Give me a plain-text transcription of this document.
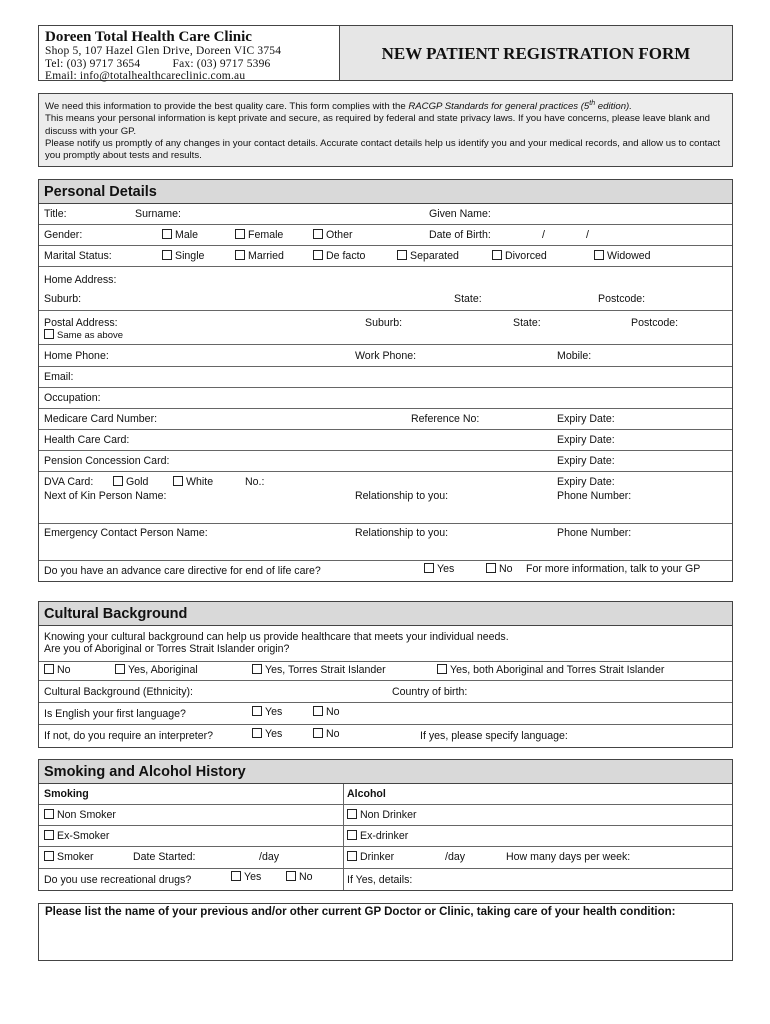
Doreen Total Health Care Clinic
Shop 5, 107 Hazel Glen Drive, Doreen VIC 3754
Tel: (03) 9717 3654	Fax: (03) 9717 5396
Email: info@totalhealthcareclinic.com.au
NEW PATIENT REGISTRATION FORM

We need this information to provide the best quality care. This form complies with the RACGP Standards for general practices (5th edition).

This means your personal information is kept private and secure, as required by federal and state privacy laws. If you have concerns, please leave blank and discuss with your GP.

Please notify us promptly of any changes in your contact details. Accurate contact details help us identify you and your medical records, and allow us to contact you promptly about tests and results.

Personal Details
Title:	Surname:	Given Name:
Gender:	Male	Female	Other	Date of Birth:	/	/
Marital Status:	Single	Married	De facto	Separated	Divorced	Widowed
Home Address:
Suburb:	State:	Postcode:
Postal Address:
Same as above
Suburb:	State:	Postcode:
Home Phone:	Work Phone:	Mobile:
Email:
Occupation:
Medicare Card Number:	Reference No:	Expiry Date:
Health Care Card:	Expiry Date:
Pension Concession Card:	Expiry Date:
DVA Card:	Gold	White	No.:	Expiry Date:
Next of Kin Person Name:	Relationship to you:	Phone Number:
Emergency Contact Person Name:	Relationship to you:	Phone Number:
Do you have an advance care directive for end of life care?	Yes	No For more information, talk to your GP
Cultural Background
Knowing your cultural background can help us provide healthcare that meets your individual needs.
Are you of Aboriginal or Torres Strait Islander origin?
No	Yes, Aboriginal	Yes, Torres Strait Islander	Yes, both Aboriginal and Torres Strait Islander
Cultural Background (Ethnicity):	Country of birth:
Is English your first language?	Yes	No
If not, do you require an interpreter?	Yes	No	If yes, please specify language:
Smoking and Alcohol History
Smoking	Alcohol
Non Smoker	Non Drinker
Ex-Smoker	Ex-drinker
Smoker	Date Started:	/day	Drinker	/day	How many days per week:
Do you use recreational drugs?	Yes	No	If Yes, details:
Please list the name of your previous and/or other current GP Doctor or Clinic, taking care of your health condition:
